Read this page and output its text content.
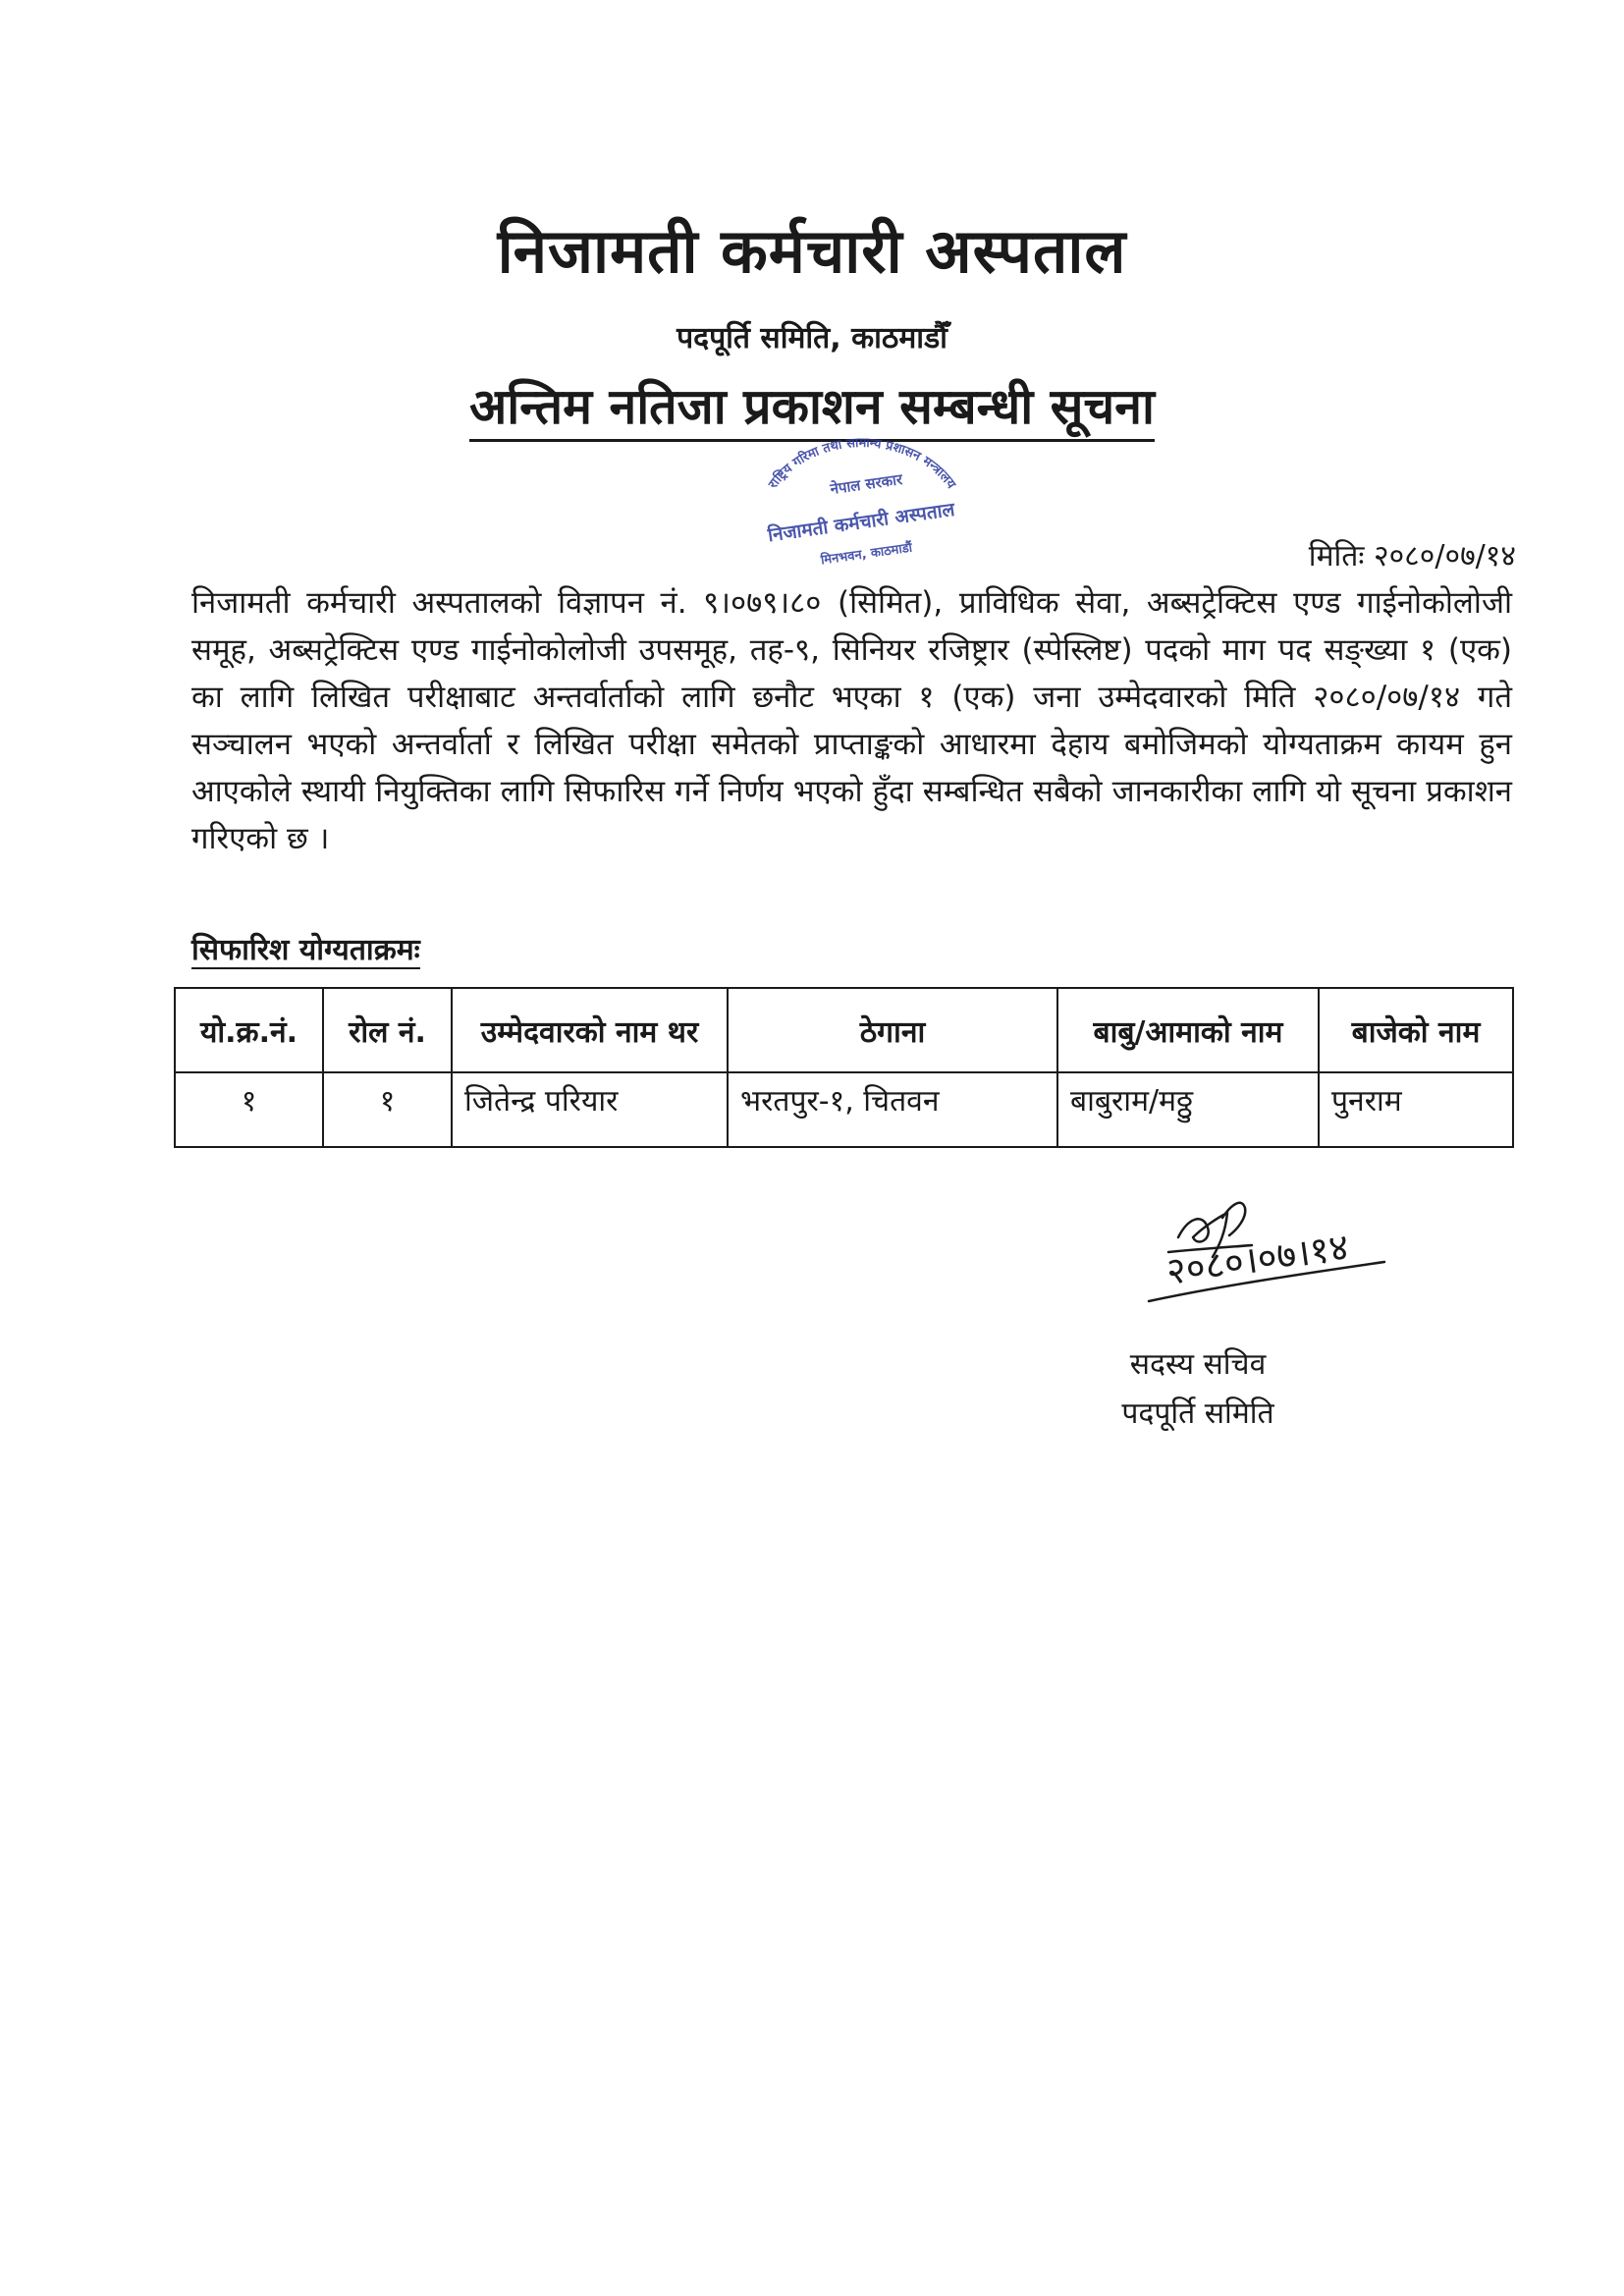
निजामती कर्मचारी अस्पताल
पदपूर्ति समिति, काठमाडौँ
अन्तिम नतिजा प्रकाशन सम्बन्धी सूचना
राष्ट्रिय गरिमा तथा सामान्य प्रशासन मन्त्रालय
नेपाल सरकार
निजामती कर्मचारी अस्पताल
मिनभवन, काठमाडौं	मितिः २०८०/०७/१४
निजामती कर्मचारी अस्पतालको विज्ञापन नं. ९।०७९।८० (सिमित), प्राविधिक सेवा, अब्सट्रेक्टिस एण्ड गाईनोकोलोजी समूह, अब्सट्रेक्टिस एण्ड गाईनोकोलोजी उपसमूह, तह-९, सिनियर रजिष्ट्रार (स्पेस्लिष्ट) पदको माग पद सङ्ख्या १ (एक) का लागि लिखित परीक्षाबाट अन्तर्वार्ताको लागि छनौट भएका १ (एक) जना उम्मेदवारको मिति २०८०/०७/१४ गते सञ्चालन भएको अन्तर्वार्ता र लिखित परीक्षा समेतको प्राप्ताङ्कको आधारमा देहाय बमोजिमको योग्यताक्रम कायम हुन आएकोले स्थायी नियुक्तिका लागि सिफारिस गर्ने निर्णय भएको हुँदा सम्बन्धित सबैको जानकारीका लागि यो सूचना प्रकाशन गरिएको छ ।
सिफारिश योग्यताक्रमः
यो.क्र.नं.	रोल नं.	उम्मेदवारको नाम थर	ठेगाना	बाबु/आमाको नाम	बाजेको नाम
१	१	जितेन्द्र परियार	भरतपुर-१, चितवन	बाबुराम/मठ्ठु	पुनराम
२०८०।०७।१४
सदस्य सचिव
पदपूर्ति समिति
